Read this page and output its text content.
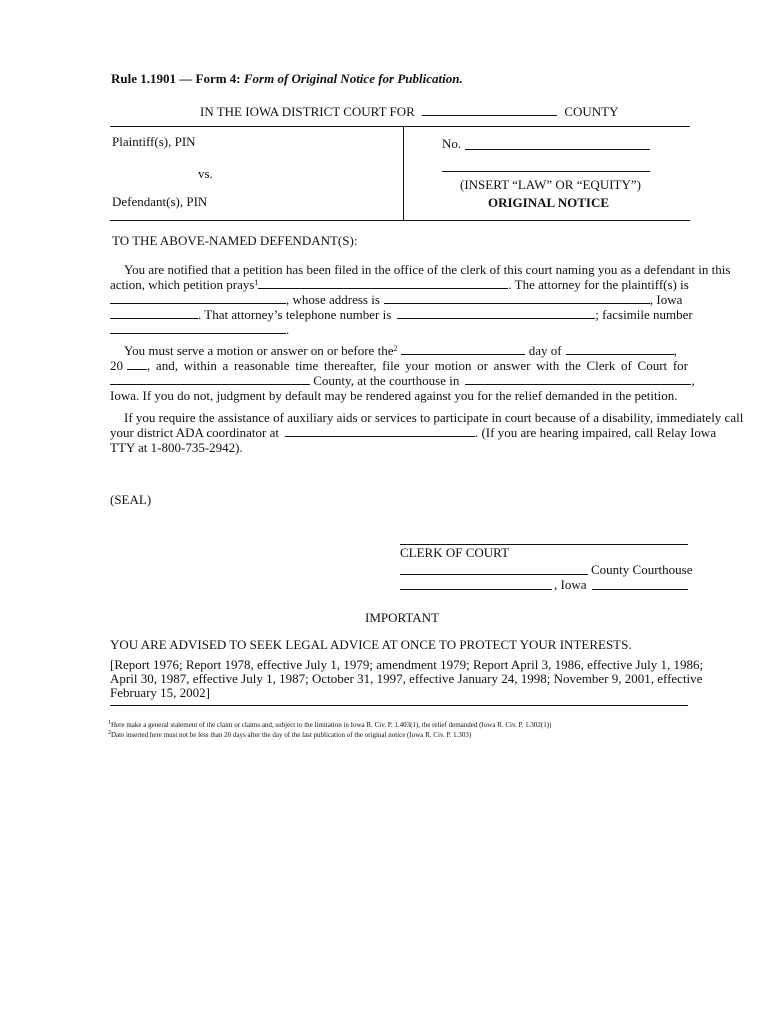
Rule 1.1901 — Form 4: Form of Original Notice for Publication.
IN THE IOWA DISTRICT COURT FOR	COUNTY
Plaintiff(s), PIN
vs.
Defendant(s), PIN
No.
(INSERT “LAW” OR “EQUITY”)
ORIGINAL NOTICE
TO THE ABOVE-NAMED DEFENDANT(S):
You are notified that a petition has been filed in the office of the clerk of this court naming you as a defendant in this
action, which petition prays$^1$	. The attorney for the plaintiff(s) is
, whose address is	, Iowa
. That attorney’s telephone number is	; facsimile number
.
You must serve a motion or answer on or before the$^2$	day of	,
20 , and, within a reasonable time thereafter, file your motion or answer with the Clerk of Court for
County, at the courthouse in	,
Iowa. If you do not, judgment by default may be rendered against you for the relief demanded in the petition.
If you require the assistance of auxiliary aids or services to participate in court because of a disability, immediately call
your district ADA coordinator at	. (If you are hearing impaired, call Relay Iowa
TTY at 1-800-735-2942).
(SEAL)
CLERK OF COURT
County Courthouse
, Iowa
IMPORTANT
YOU ARE ADVISED TO SEEK LEGAL ADVICE AT ONCE TO PROTECT YOUR INTERESTS.
[Report 1976; Report 1978, effective July 1, 1979; amendment 1979; Report April 3, 1986, effective July 1, 1986;
April 30, 1987, effective July 1, 1987; October 31, 1997, effective January 24, 1998; November 9, 2001, effective
February 15, 2002]
$^1$Here make a general statement of the claim or claims and, subject to the limitation in Iowa R. Civ. P. 1.403(1), the relief demanded (Iowa R. Civ. P. 1.302(1))
$^2$Date inserted here must not be less than 20 days after the day of the last publication of the original notice (Iowa R. Civ. P. 1.303)
